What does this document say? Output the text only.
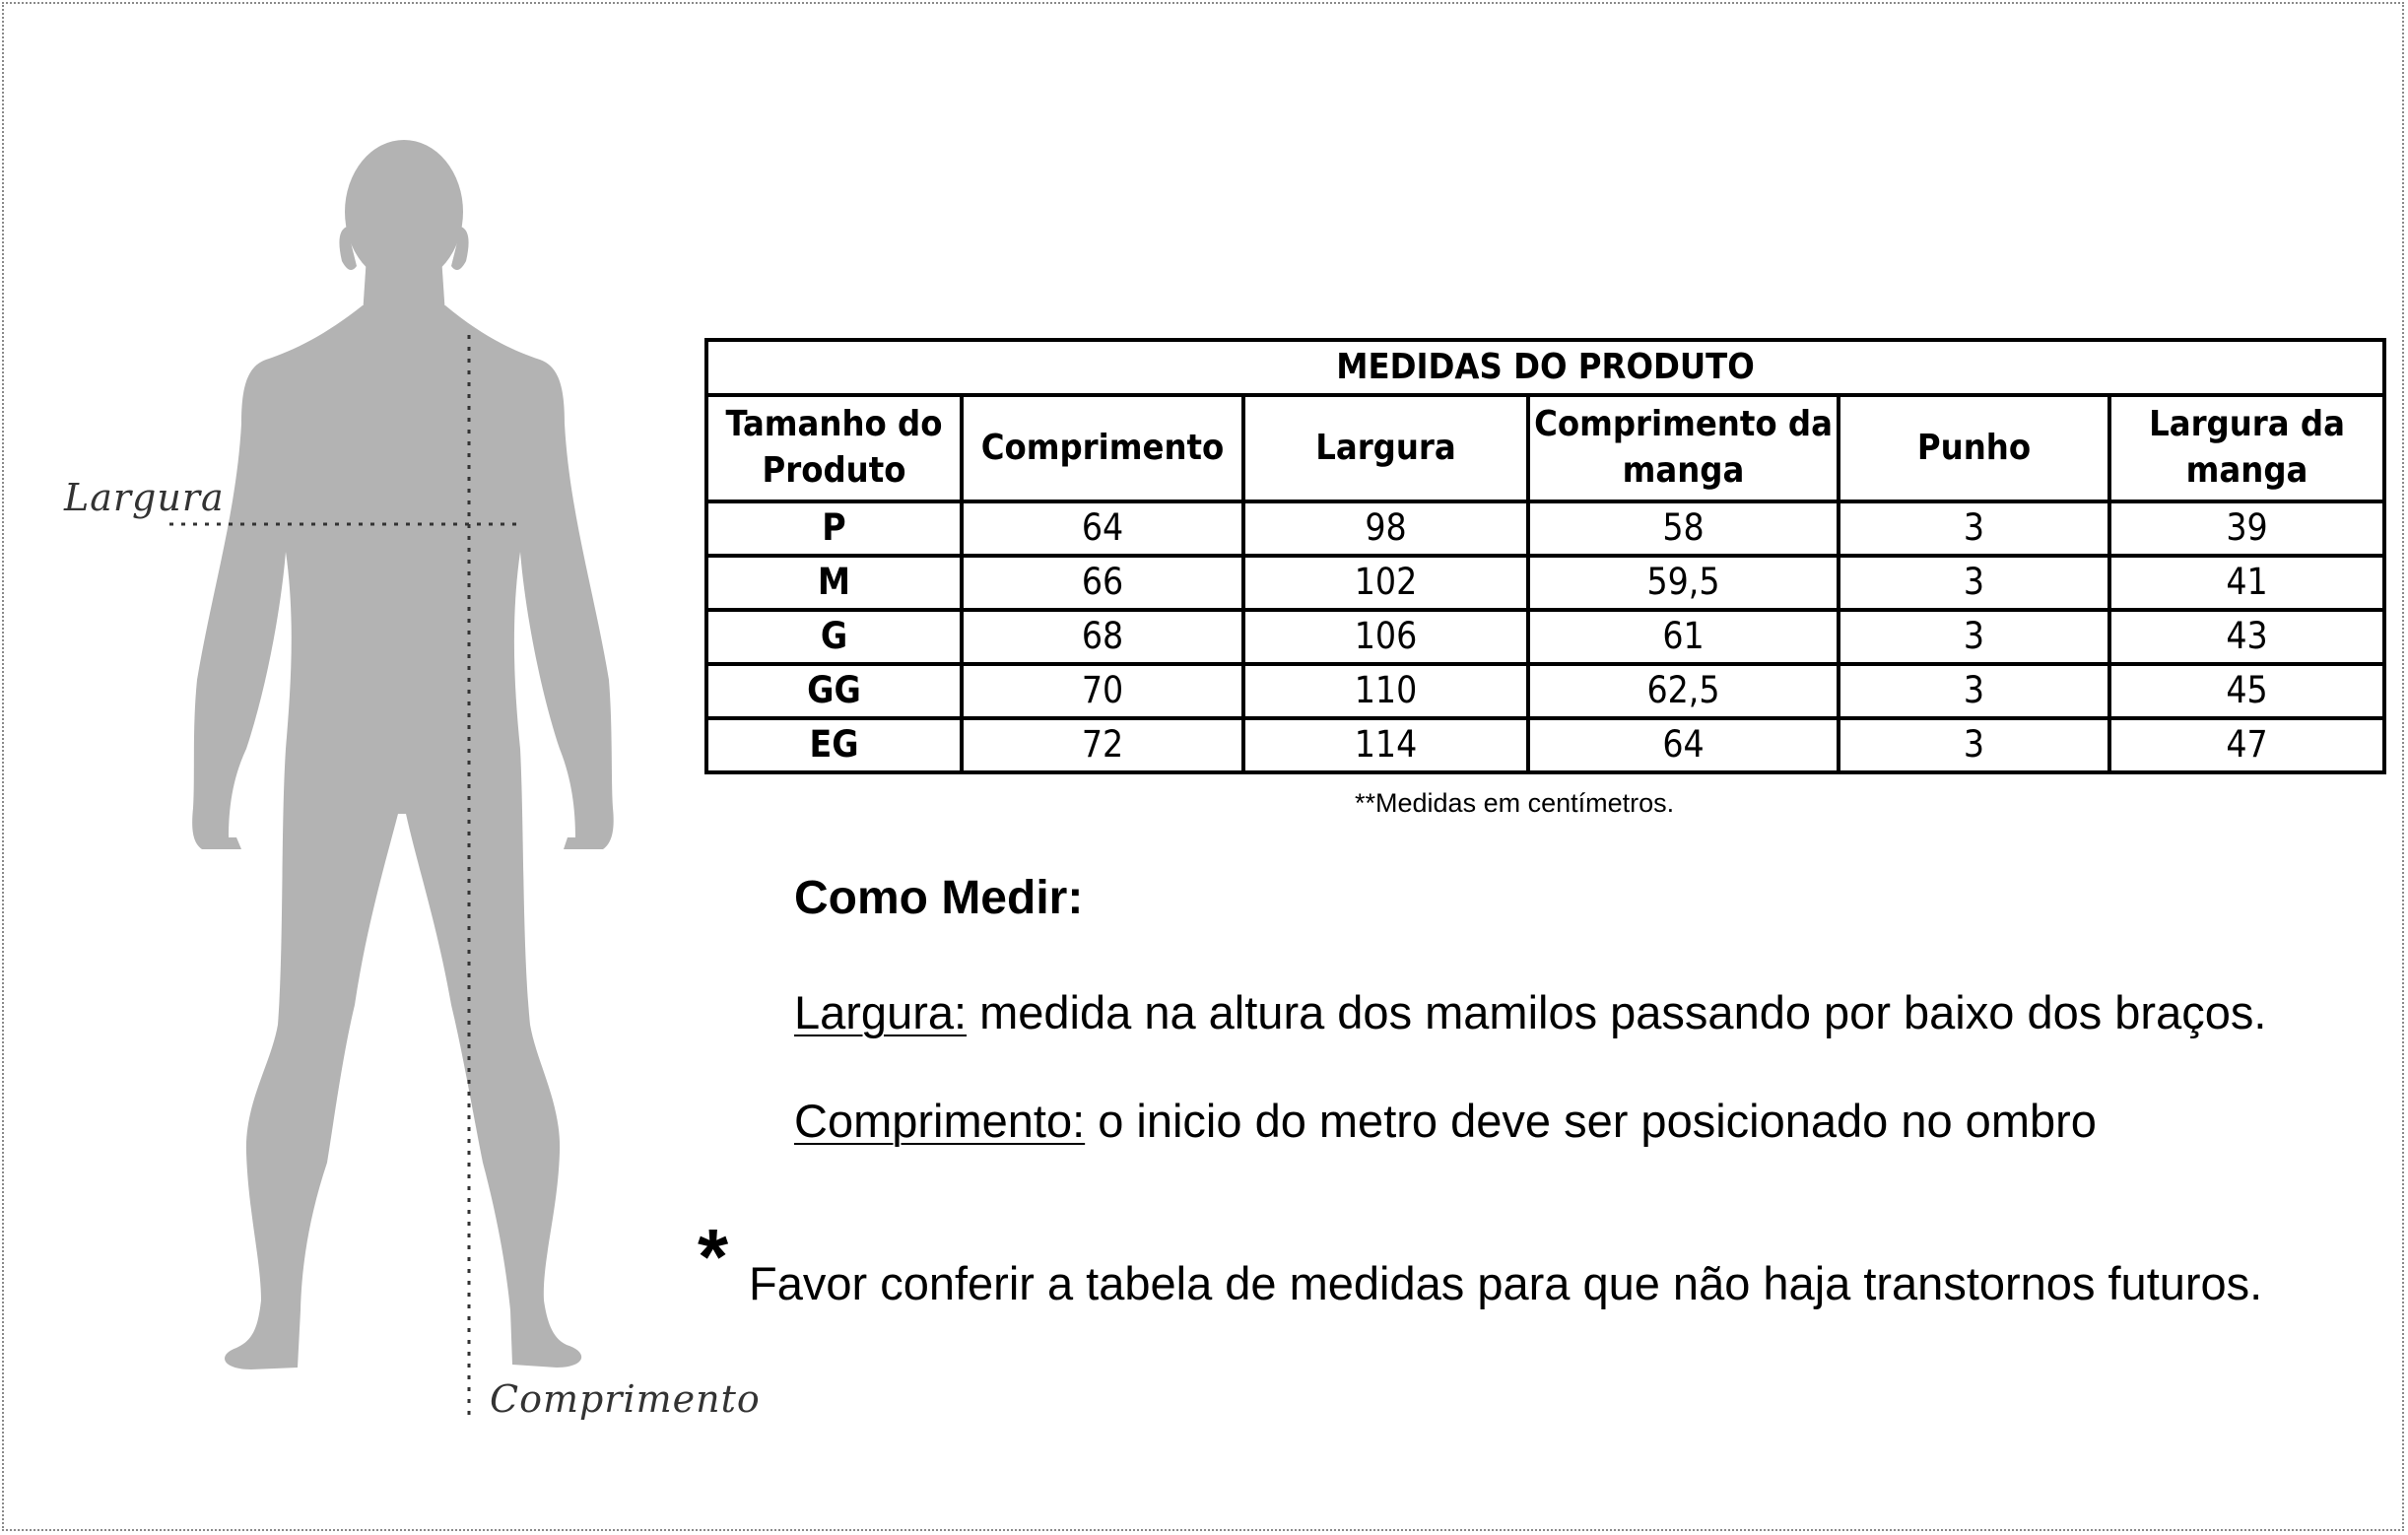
Largura
Comprimento
MEDIDAS DO PRODUTO					
Tamanho do Produto	Comprimento	Largura	Comprimento da manga	Punho	Largura da manga
P	64	98	58	3	39
M	66	102	59,5	3	41
G	68	106	61	3	43
GG	70	110	62,5	3	45
EG	72	114	64	3	47
**Medidas em centímetros.
Como Medir:
Largura: medida na altura dos mamilos passando por baixo dos braços.
Comprimento: o inicio do metro deve ser posicionado no ombro
* Favor conferir a tabela de medidas para que não haja transtornos futuros.
